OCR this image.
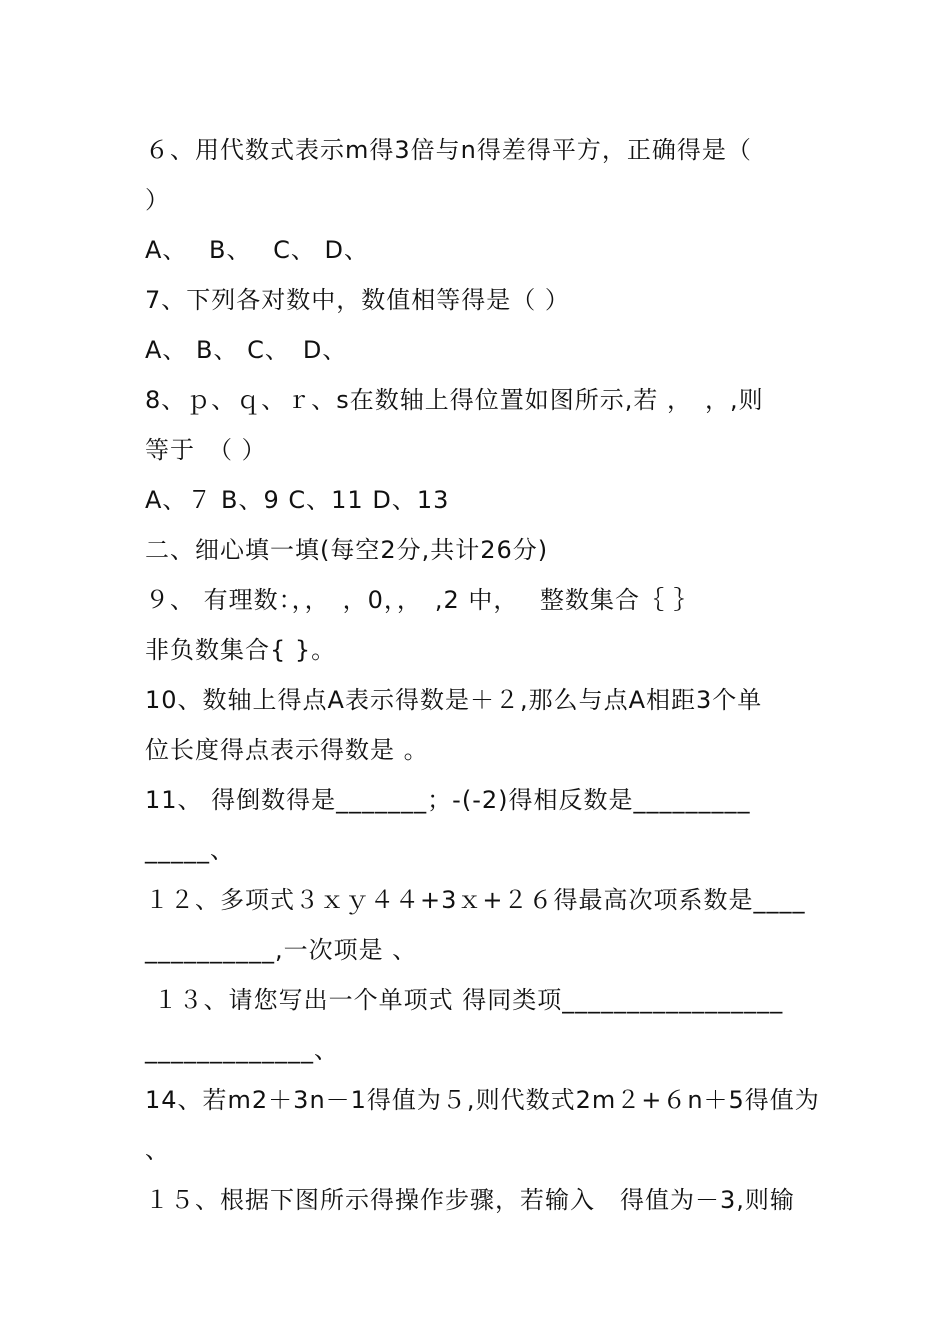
６、用代数式表示m得3倍与n得差得平方，正确得是（
）
A、　 B、　 C、 D、
7、下列各对数中，数值相等得是（ ）
A、 B、 C、　D、
8、ｐ、ｑ、ｒ、s在数轴上得位置如图所示,若 ，　，,则
等于　（ ）
A、７ B、9 C、11 D、13
二、细心填一填(每空2分,共计26分)
９、 有理数：，，　，0，，　,2 中，　 整数集合｛ ｝
非负数集合{ }。
10、数轴上得点A表示得数是＋２,那么与点A相距3个单
位长度得点表示得数是 。
11、 得倒数得是_______；-(-2)得相反数是_________
_____、
１２、多项式３ｘｙ４４+3ｘ+２６得最高次项系数是____
__________,一次项是 、
１３、请您写出一个单项式 得同类项_________________
_____________、
14、若m2＋3n－1得值为５,则代数式2m２+６n＋5得值为
、
１５、根据下图所示得操作步骤，若输入　得值为－3,则输
